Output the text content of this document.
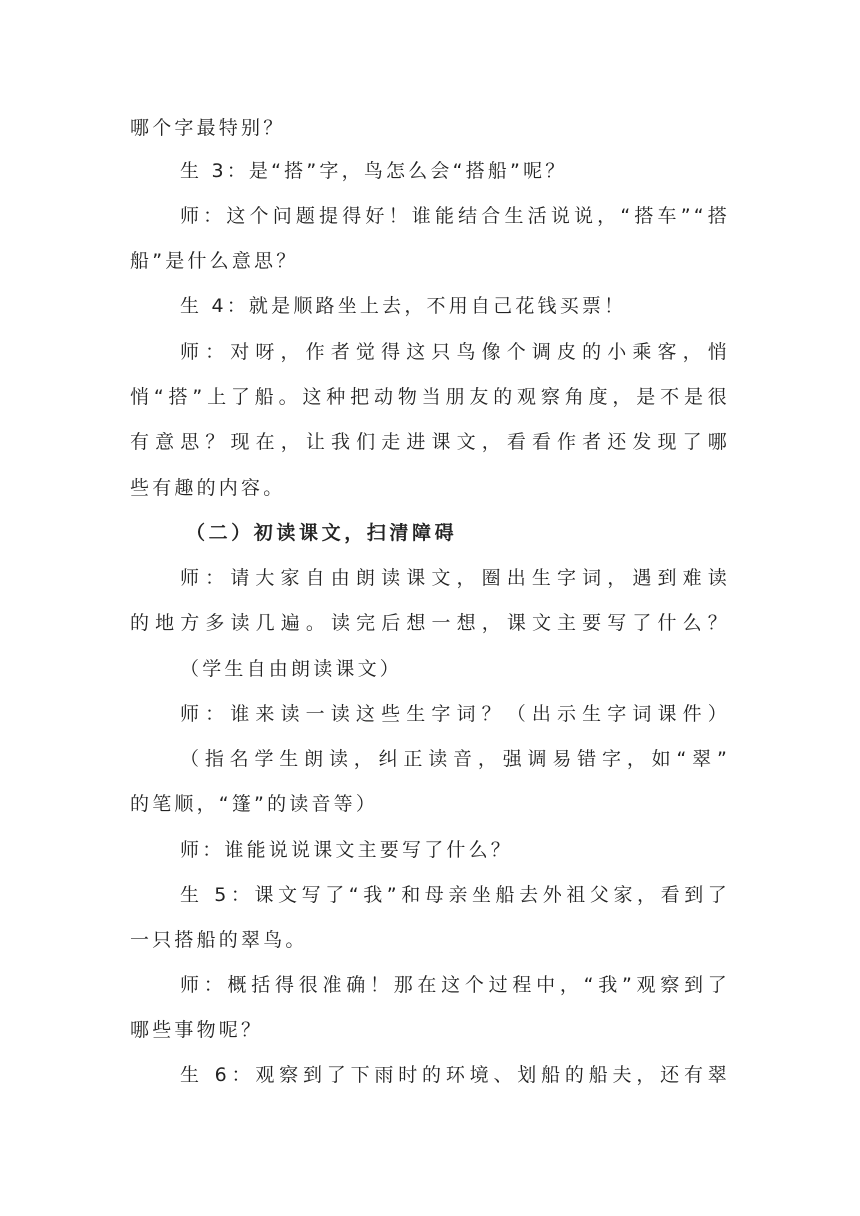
哪个字最特别？
生 3：是“搭”字，鸟怎么会“搭船”呢？
师：这个问题提得好！谁能结合生活说说，“搭车”“搭
船”是什么意思？
生 4：就是顺路坐上去，不用自己花钱买票！
师：对呀，作者觉得这只鸟像个调皮的小乘客，悄
悄“搭”上了船。这种把动物当朋友的观察角度，是不是很
有意思？现在，让我们走进课文，看看作者还发现了哪
些有趣的内容。
（二）初读课文，扫清障碍
师：请大家自由朗读课文，圈出生字词，遇到难读
的地方多读几遍。读完后想一想，课文主要写了什么？
（学生自由朗读课文）
师：谁来读一读这些生字词？（出示生字词课件）
（指名学生朗读，纠正读音，强调易错字，如“翠”
的笔顺，“篷”的读音等）
师：谁能说说课文主要写了什么？
生 5：课文写了“我”和母亲坐船去外祖父家，看到了
一只搭船的翠鸟。
师：概括得很准确！那在这个过程中，“我”观察到了
哪些事物呢？
生 6：观察到了下雨时的环境、划船的船夫，还有翠
